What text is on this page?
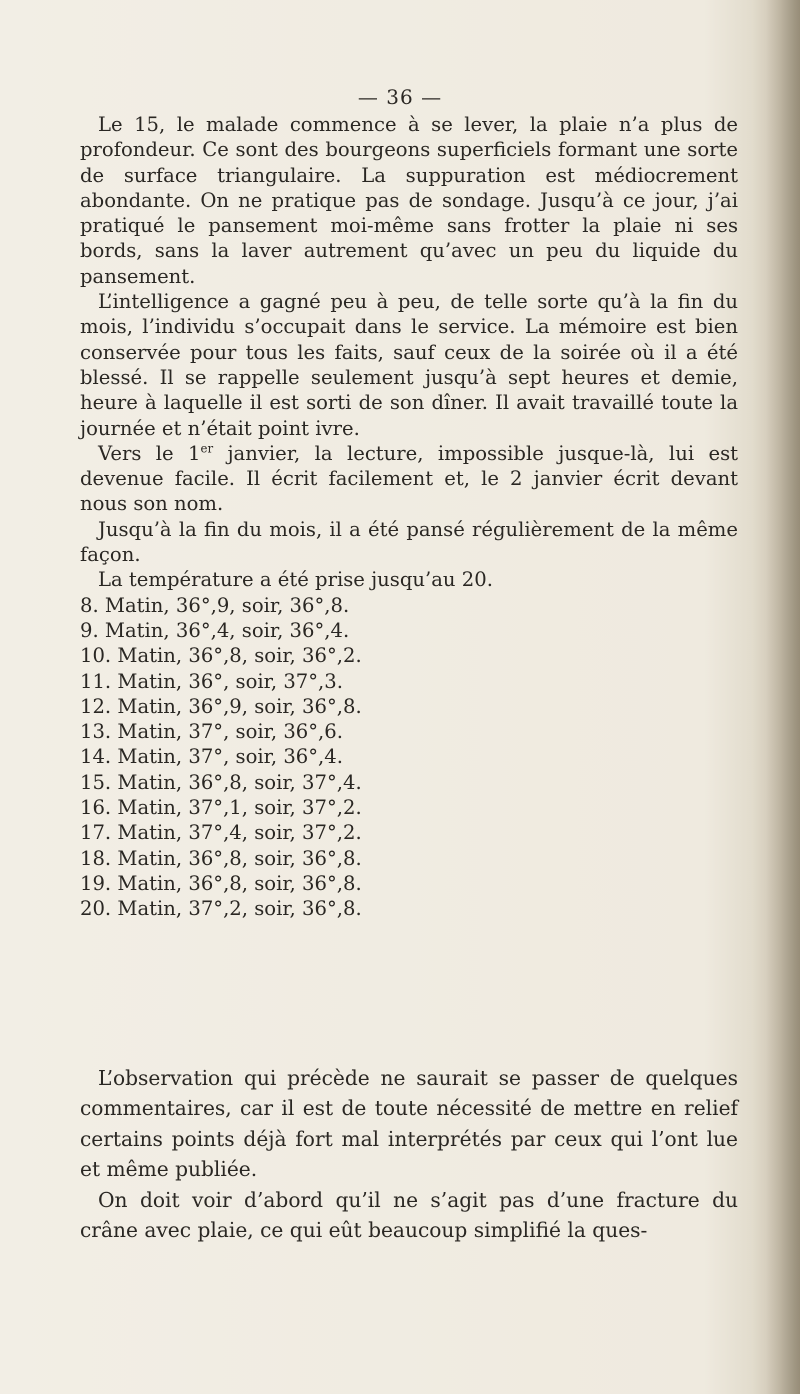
— 36 —

Le 15, le malade commence à se lever, la plaie n’a plus de profondeur. Ce sont des bourgeons superficiels formant une sorte de surface triangulaire. La suppuration est médiocrement abondante. On ne pratique pas de sondage. Jusqu’à ce jour, j’ai pratiqué le pansement moi-même sans frotter la plaie ni ses bords, sans la laver autrement qu’avec un peu du liquide du pansement.

L’intelligence a gagné peu à peu, de telle sorte qu’à la fin du mois, l’individu s’occupait dans le service. La mémoire est bien conservée pour tous les faits, sauf ceux de la soirée où il a été blessé. Il se rappelle seulement jusqu’à sept heures et demie, heure à laquelle il est sorti de son dîner. Il avait travaillé toute la journée et n’était point ivre.

Vers le 1er janvier, la lecture, impossible jusque-là, lui est devenue facile. Il écrit facilement et, le 2 janvier écrit devant nous son nom.

Jusqu’à la fin du mois, il a été pansé régulièrement de la même façon.

La température a été prise jusqu’au 20.

8. Matin, 36°,9, soir, 36°,8.
9. Matin, 36°,4, soir, 36°,4.
10. Matin, 36°,8, soir, 36°,2.
11. Matin, 36°, soir, 37°,3.
12. Matin, 36°,9, soir, 36°,8.
13. Matin, 37°, soir, 36°,6.
14. Matin, 37°, soir, 36°,4.
15. Matin, 36°,8, soir, 37°,4.
16. Matin, 37°,1, soir, 37°,2.
17. Matin, 37°,4, soir, 37°,2.
18. Matin, 36°,8, soir, 36°,8.
19. Matin, 36°,8, soir, 36°,8.
20. Matin, 37°,2, soir, 36°,8.

L’observation qui précède ne saurait se passer de quelques commentaires, car il est de toute nécessité de mettre en relief certains points déjà fort mal interprétés par ceux qui l’ont lue et même publiée.

On doit voir d’abord qu’il ne s’agit pas d’une fracture du crâne avec plaie, ce qui eût beaucoup simplifié la ques-
